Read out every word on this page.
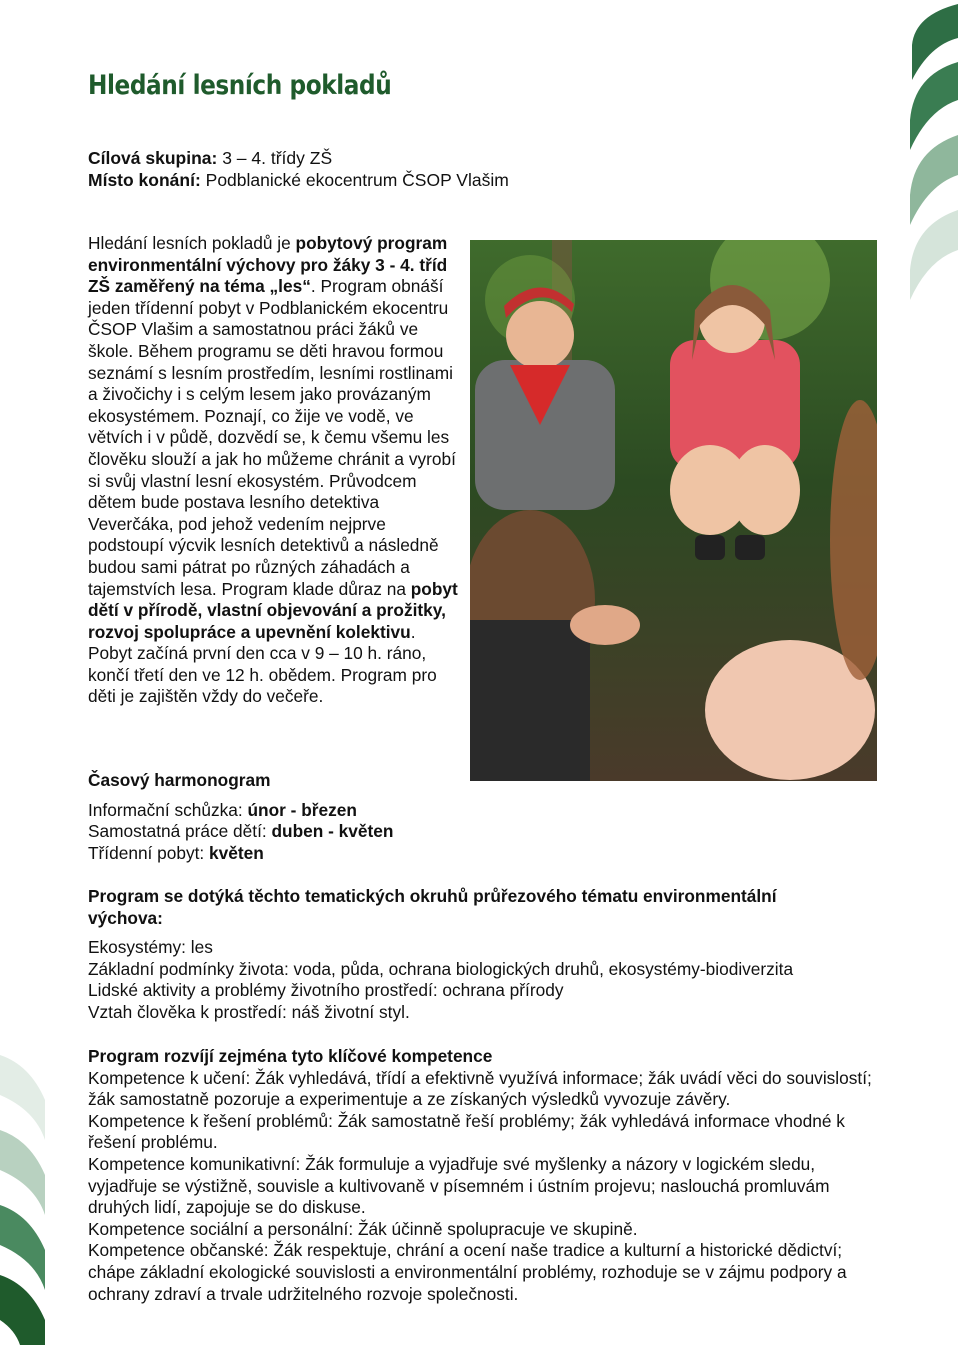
Hledání lesních pokladů
Cílová skupina: 3 – 4. třídy ZŠ
Místo konání: Podblanické ekocentrum ČSOP Vlašim

Hledání lesních pokladů je pobytový program environmentální výchovy pro žáky 3 - 4. tříd ZŠ zaměřený na téma „les“. Program obnáší jeden třídenní pobyt v Podblanickém ekocentru ČSOP Vlašim a samostatnou práci žáků ve škole. Během programu se děti hravou formou seznámí s lesním prostředím, lesními rostlinami a živočichy i s celým lesem jako provázaným ekosystémem. Poznají, co žije ve vodě, ve větvích i v půdě, dozvědí se, k čemu všemu les člověku slouží a jak ho můžeme chránit a vyrobí si svůj vlastní lesní ekosystém. Průvodcem dětem bude postava lesního detektiva Veverčáka, pod jehož vedením nejprve podstoupí výcvik lesních detektivů a následně budou sami pátrat po různých záhadách a tajemstvích lesa. Program klade důraz na pobyt dětí v přírodě, vlastní objevování a prožitky, rozvoj spolupráce a upevnění kolektivu. Pobyt začíná první den cca v 9 – 10 h. ráno, končí třetí den ve 12 h. obědem. Program pro děti je zajištěn vždy do večeře.

Časový harmonogram

Informační schůzka: únor - březen
Samostatná práce dětí: duben - květen
Třídenní pobyt: květen

Program se dotýká těchto tematických okruhů průřezového tématu environmentální výchova:

Ekosystémy: les
Základní podmínky života: voda, půda, ochrana biologických druhů, ekosystémy-biodiverzita
Lidské aktivity a problémy životního prostředí: ochrana přírody
Vztah člověka k prostředí: náš životní styl.

Program rozvíjí zejména tyto klíčové kompetence

Kompetence k učení: Žák vyhledává, třídí a efektivně využívá informace; žák uvádí věci do souvislostí; žák samostatně pozoruje a experimentuje a ze získaných výsledků vyvozuje závěry.
Kompetence k řešení problémů: Žák samostatně řeší problémy; žák vyhledává informace vhodné k řešení problému.
Kompetence komunikativní: Žák formuluje a vyjadřuje své myšlenky a názory v logickém sledu, vyjadřuje se výstižně, souvisle a kultivovaně v písemném i ústním projevu; naslouchá promluvám druhých lidí, zapojuje se do diskuse.
Kompetence sociální a personální: Žák účinně spolupracuje ve skupině.
Kompetence občanské: Žák respektuje, chrání a ocení naše tradice a kulturní a historické dědictví; chápe základní ekologické souvislosti a environmentální problémy, rozhoduje se v zájmu podpory a ochrany zdraví a trvale udržitelného rozvoje společnosti.
